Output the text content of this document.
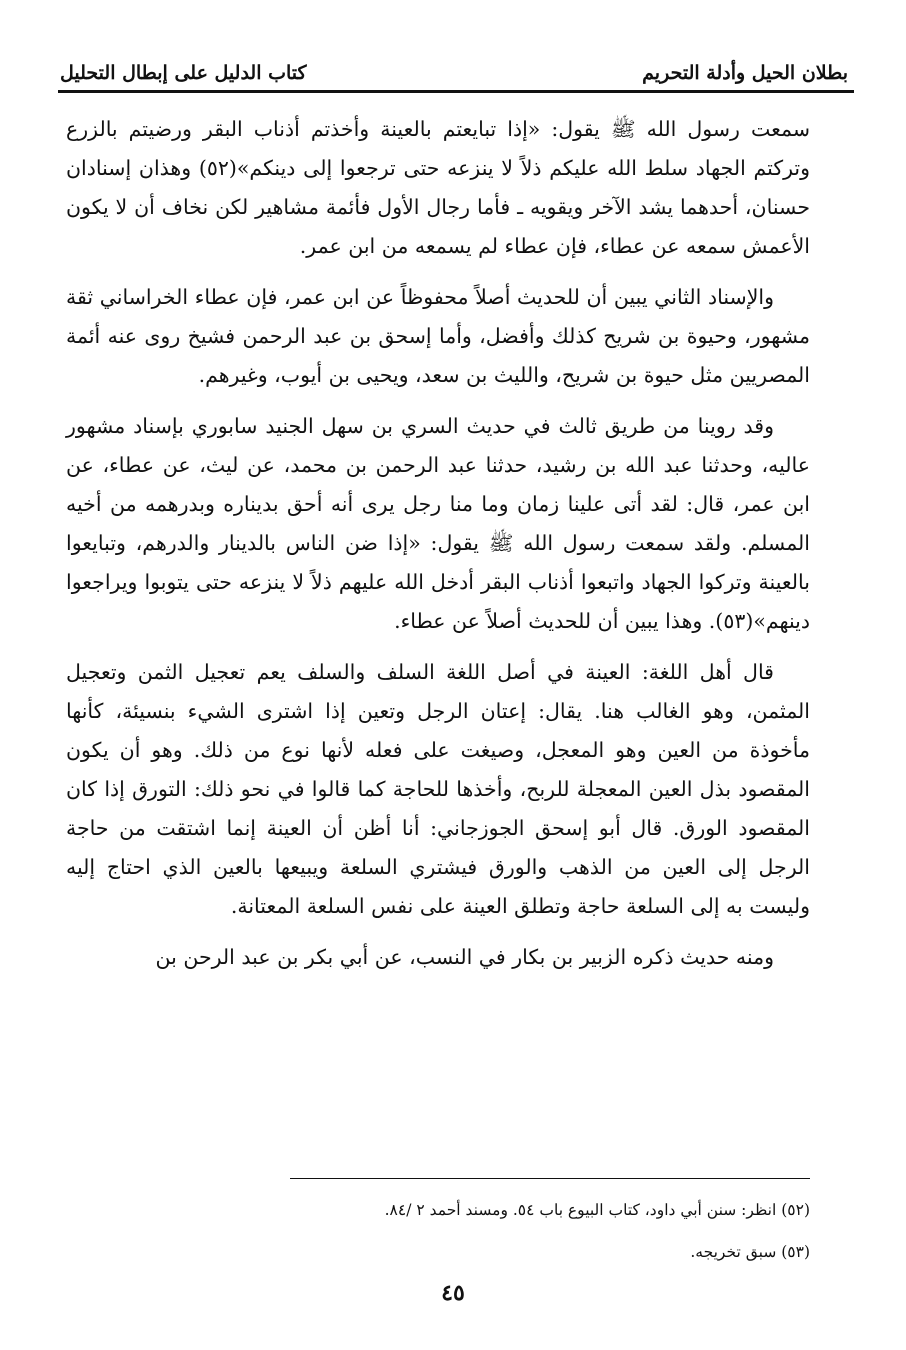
بطلان الحيل وأدلة التحريم
كتاب الدليل على إبطال التحليل

سمعت رسول الله ﷺ يقول: «إذا تبايعتم بالعينة وأخذتم أذناب البقر ورضيتم بالزرع وتركتم الجهاد سلط الله عليكم ذلاً لا ينزعه حتى ترجعوا إلى دينكم»(٥٢) وهذان إسنادان حسنان، أحدهما يشد الآخر ويقويه ـ فأما رجال الأول فأئمة مشاهير لكن نخاف أن لا يكون الأعمش سمعه عن عطاء، فإن عطاء لم يسمعه من ابن عمر.

والإسناد الثاني يبين أن للحديث أصلاً محفوظاً عن ابن عمر، فإن عطاء الخراساني ثقة مشهور، وحيوة بن شريح كذلك وأفضل، وأما إسحق بن عبد الرحمن فشيخ روى عنه أئمة المصريين مثل حيوة بن شريح، والليث بن سعد، ويحيى بن أيوب، وغيرهم.

وقد روينا من طريق ثالث في حديث السري بن سهل الجنيد سابوري بإسناد مشهور عاليه، وحدثنا عبد الله بن رشيد، حدثنا عبد الرحمن بن محمد، عن ليث، عن عطاء، عن ابن عمر، قال: لقد أتى علينا زمان وما منا رجل يرى أنه أحق بديناره وبدرهمه من أخيه المسلم. ولقد سمعت رسول الله ﷺ يقول: «إذا ضن الناس بالدينار والدرهم، وتبايعوا بالعينة وتركوا الجهاد واتبعوا أذناب البقر أدخل الله عليهم ذلاً لا ينزعه حتى يتوبوا ويراجعوا دينهم»(٥٣). وهذا يبين أن للحديث أصلاً عن عطاء.

قال أهل اللغة: العينة في أصل اللغة السلف والسلف يعم تعجيل الثمن وتعجيل المثمن، وهو الغالب هنا. يقال: إعتان الرجل وتعين إذا اشترى الشيء بنسيئة، كأنها مأخوذة من العين وهو المعجل، وصيغت على فعله لأنها نوع من ذلك. وهو أن يكون المقصود بذل العين المعجلة للربح، وأخذها للحاجة كما قالوا في نحو ذلك: التورق إذا كان المقصود الورق. قال أبو إسحق الجوزجاني: أنا أظن أن العينة إنما اشتقت من حاجة الرجل إلى العين من الذهب والورق فيشتري السلعة ويبيعها بالعين الذي احتاج إليه وليست به إلى السلعة حاجة وتطلق العينة على نفس السلعة المعتانة.

ومنه حديث ذكره الزبير بن بكار في النسب، عن أبي بكر بن عبد الرحن بن

(٥٢) انظر: سنن أبي داود، كتاب البيوع باب ٥٤. ومسند أحمد ٢ /٨٤.
(٥٣) سبق تخريجه.
٤٥
